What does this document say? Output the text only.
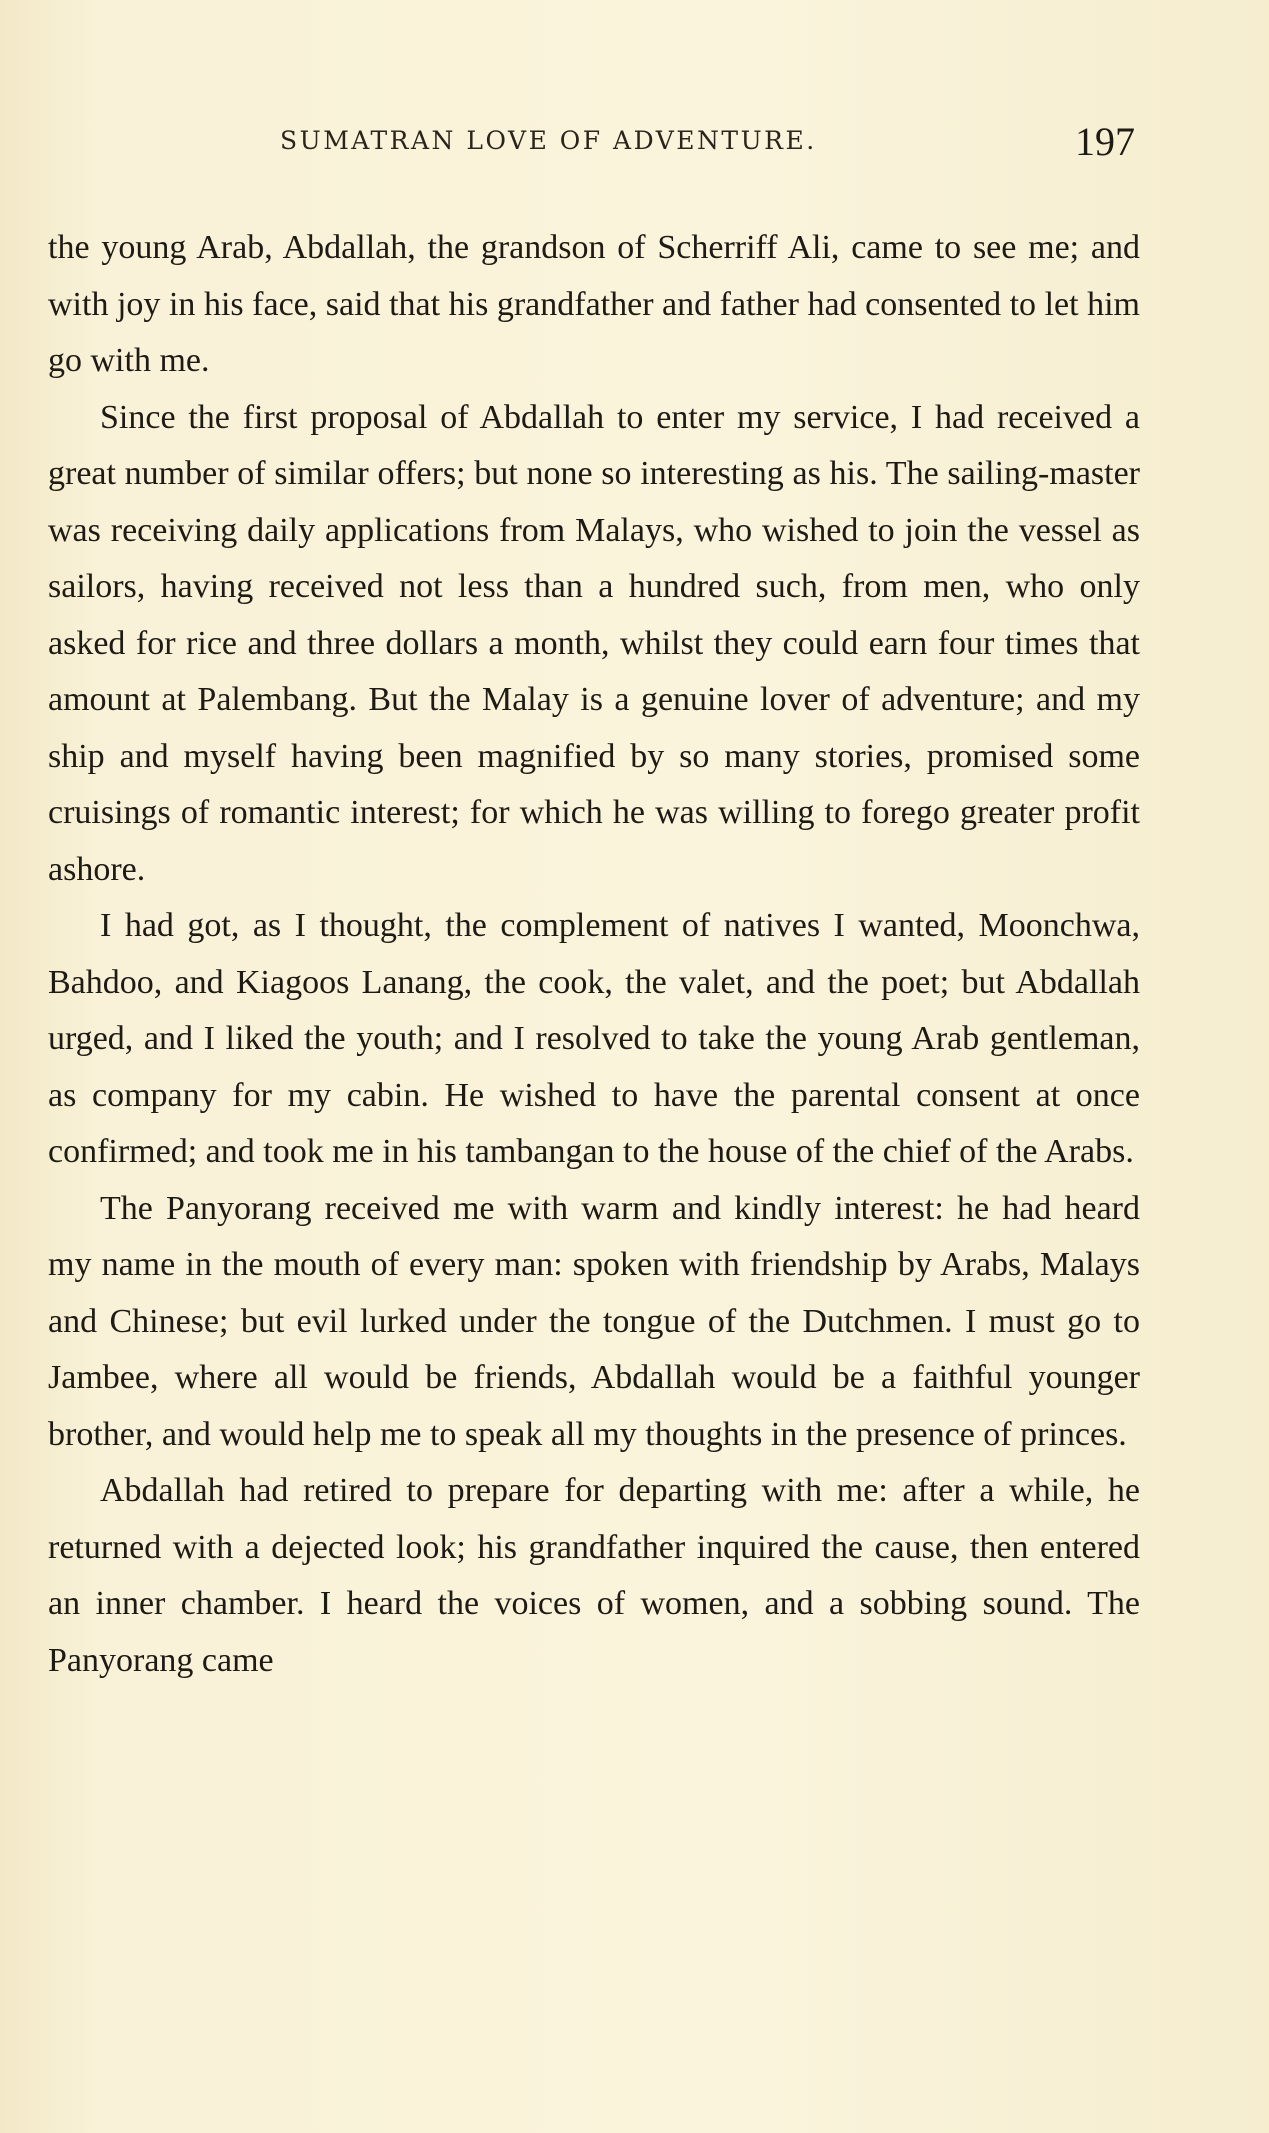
SUMATRAN LOVE OF ADVENTURE.	197

the young Arab, Abdallah, the grandson of Scherriff Ali, came to see me; and with joy in his face, said that his grandfather and father had consented to let him go with me.

Since the first proposal of Abdallah to enter my service, I had received a great number of similar offers; but none so interesting as his. The sailing-master was receiving daily applications from Malays, who wished to join the vessel as sailors, having received not less than a hundred such, from men, who only asked for rice and three dollars a month, whilst they could earn four times that amount at Palembang. But the Malay is a genuine lover of adventure; and my ship and myself having been magnified by so many stories, promised some cruisings of romantic interest; for which he was willing to forego greater profit ashore.

I had got, as I thought, the complement of natives I wanted, Moonchwa, Bahdoo, and Kiagoos Lanang, the cook, the valet, and the poet; but Abdallah urged, and I liked the youth; and I resolved to take the young Arab gentleman, as company for my cabin. He wished to have the parental consent at once confirmed; and took me in his tambangan to the house of the chief of the Arabs.

The Panyorang received me with warm and kindly interest: he had heard my name in the mouth of every man: spoken with friendship by Arabs, Malays and Chinese; but evil lurked under the tongue of the Dutchmen. I must go to Jambee, where all would be friends, Abdallah would be a faithful younger brother, and would help me to speak all my thoughts in the presence of princes.

Abdallah had retired to prepare for departing with me: after a while, he returned with a dejected look; his grandfather inquired the cause, then entered an inner chamber. I heard the voices of women, and a sobbing sound. The Panyorang came
